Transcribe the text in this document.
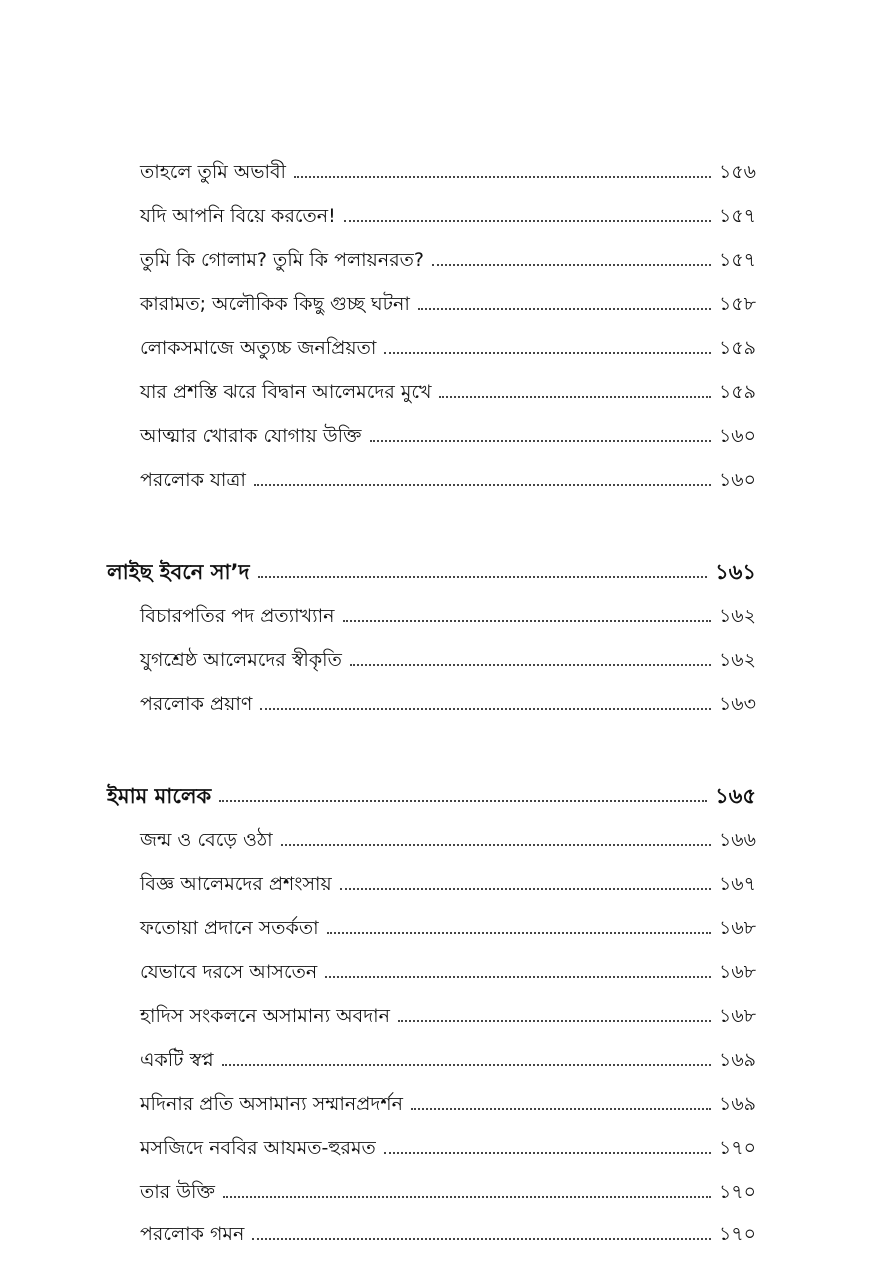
তাহলে তুমি অভাবী	১৫৬
যদি আপনি বিয়ে করতেন!	১৫৭
তুমি কি গোলাম? তুমি কি পলায়নরত?	১৫৭
কারামত; অলৌকিক কিছু গুচ্ছ ঘটনা	১৫৮
লোকসমাজে অত্যুচ্চ জনপ্রিয়তা	১৫৯
যার প্রশস্তি ঝরে বিদ্বান আলেমদের মুখে	১৫৯
আত্মার খোরাক যোগায় উক্তি	১৬০
পরলোক যাত্রা	১৬০
লাইছ ইবনে সা’দ	১৬১
বিচারপতির পদ প্রত্যাখ্যান	১৬২
যুগশ্রেষ্ঠ আলেমদের স্বীকৃতি	১৬২
পরলোক প্রয়াণ	১৬৩
ইমাম মালেক	১৬৫
জন্ম ও বেড়ে ওঠা	১৬৬
বিজ্ঞ আলেমদের প্রশংসায়	১৬৭
ফতোয়া প্রদানে সতর্কতা	১৬৮
যেভাবে দরসে আসতেন	১৬৮
হাদিস সংকলনে অসামান্য অবদান	১৬৮
একটি স্বপ্ন	১৬৯
মদিনার প্রতি অসামান্য সম্মানপ্রদর্শন	১৬৯
মসজিদে নববির আযমত-হুরমত	১৭০
তার উক্তি	১৭০
পরলোক গমন	১৭০
